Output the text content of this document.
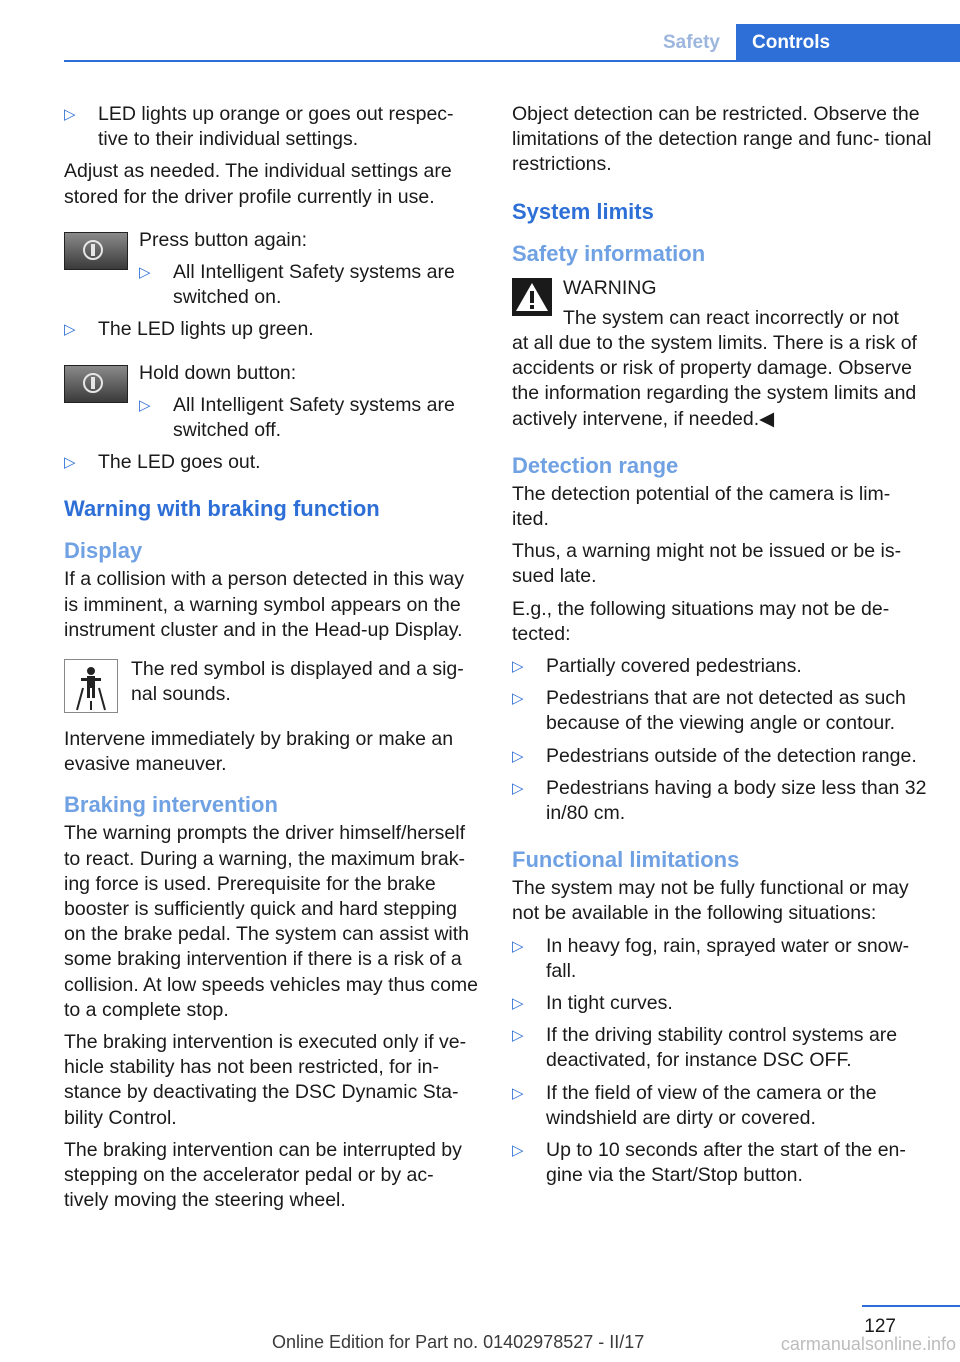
Safety	Controls
▷ LED lights up orange or goes out respec- tive to their individual settings.

Adjust as needed. The individual settings are stored for the driver profile currently in use.

Press button again:

▷ All Intelligent Safety systems are switched on.
▷ The LED lights up green.

Hold down button:

▷ All Intelligent Safety systems are switched off.
▷ The LED goes out.
Warning with braking function
Display

If a collision with a person detected in this way is imminent, a warning symbol appears on the instrument cluster and in the Head-up Display.

The red symbol is displayed and a sig- nal sounds.

Intervene immediately by braking or make an evasive maneuver.

Braking intervention

The warning prompts the driver himself/herself to react. During a warning, the maximum brak- ing force is used. Prerequisite for the brake booster is sufficiently quick and hard stepping on the brake pedal. The system can assist with some braking intervention if there is a risk of a collision. At low speeds vehicles may thus come to a complete stop.

The braking intervention is executed only if ve- hicle stability has not been restricted, for in- stance by deactivating the DSC Dynamic Sta- bility Control.

The braking intervention can be interrupted by stepping on the accelerator pedal or by ac- tively moving the steering wheel.

Object detection can be restricted. Observe the limitations of the detection range and func- tional restrictions.

System limits
Safety information

WARNING

The system can react incorrectly or not

at all due to the system limits. There is a risk of accidents or risk of property damage. Observe the information regarding the system limits and actively intervene, if needed.◀

Detection range

The detection potential of the camera is lim- ited.

Thus, a warning might not be issued or be is- sued late.

E.g., the following situations may not be de- tected:

▷ Partially covered pedestrians.
▷ Pedestrians that are not detected as such because of the viewing angle or contour.
▷ Pedestrians outside of the detection range.
▷ Pedestrians having a body size less than 32 in/80 cm.
Functional limitations

The system may not be fully functional or may not be available in the following situations:

▷ In heavy fog, rain, sprayed water or snow- fall.
▷ In tight curves.
▷ If the driving stability control systems are deactivated, for instance DSC OFF.
▷ If the field of view of the camera or the windshield are dirty or covered.
▷ Up to 10 seconds after the start of the en- gine via the Start/Stop button.
127
Online Edition for Part no. 01402978527 - II/17	carmanualsonline.info
